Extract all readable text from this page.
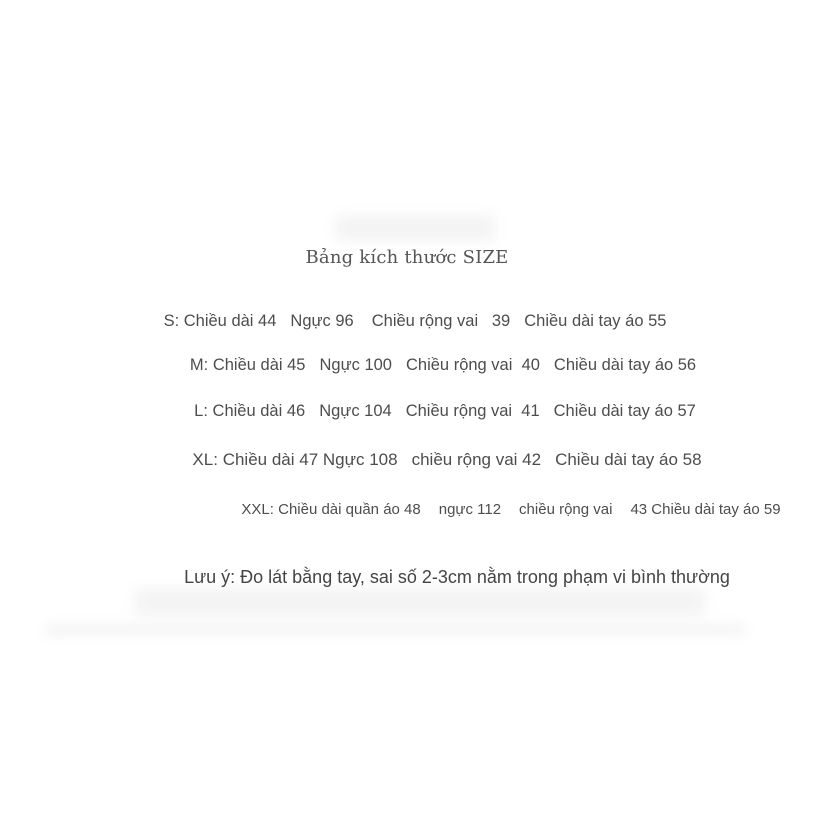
Bảng kích thước SIZE
S:
Chiều dài 44 Ngực 96 Chiều rộng vai   39 Chiều dài tay áo 55
M:
Chiều dài 45 Ngực 100 Chiều rộng vai  40 Chiều dài tay áo 56
L:
Chiều dài 46 Ngực 104 Chiều rộng vai  41 Chiều dài tay áo 57
XL:
Chiều dài 47
Ngực 108 chiều rộng vai 42 Chiều dài tay áo 58
XXL:
Chiều dài quần áo 48 ngực 112 chiều rộng vai 43 Chiều dài tay áo 59
Lưu ý: Đo lát bằng tay, sai số 2-3cm nằm trong phạm vi bình thường
